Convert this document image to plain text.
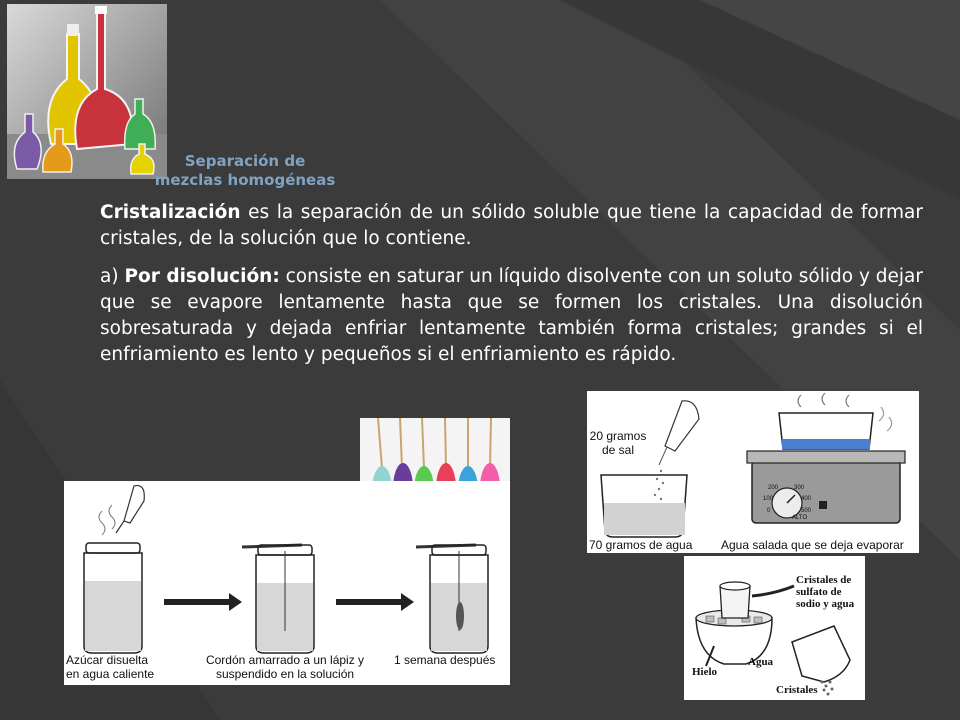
Separación de
mezclas homogéneas

Cristalización es la separación de un sólido soluble que tiene la capacidad de formar cristales, de la solución que lo contiene.

a) Por disolución: consiste en saturar un líquido disolvente con un soluto sólido y dejar que se evapore lentamente hasta que se formen los cristales. Una disolución sobresaturada y dejada enfriar lentamente también forma cristales; grandes si el enfriamiento es lento y pequeños si el enfriamiento es rápido.

Azúcar disuelta
en agua caliente
Cordón amarrado a un lápiz y
suspendido en la solución
1 semana después
20 gramos
de sal
70 gramos de agua Agua salada que se deja evaporar
200	300
100	400
0	500
ALTO
Cristales de
sulfato de
sodio y agua
Hielo
Agua
Cristales
